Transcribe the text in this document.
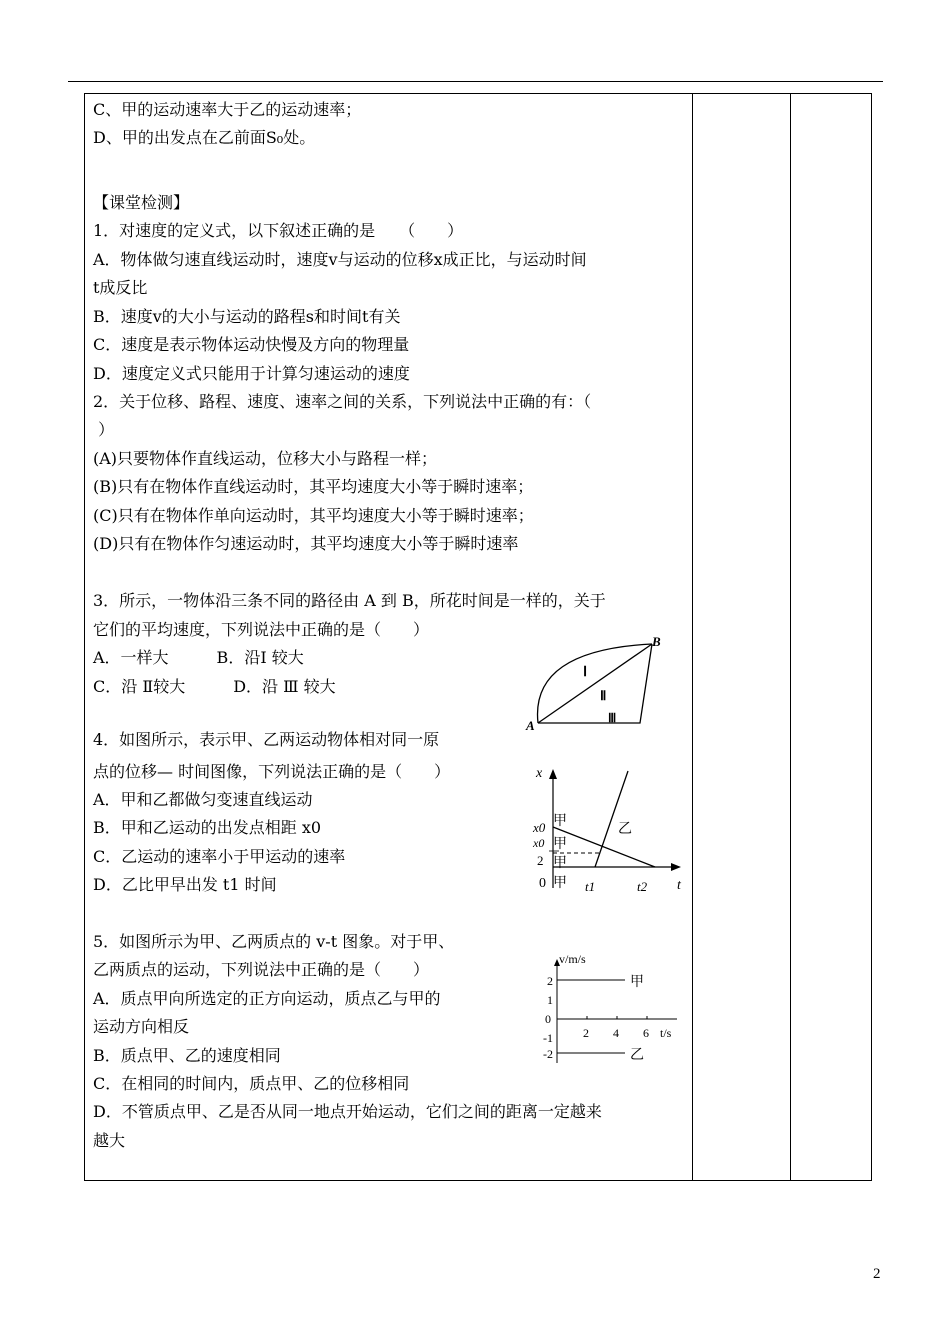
C、甲的运动速率大于乙的运动速率；
D、甲的出发点在乙前面S₀处。
【课堂检测】
1．对速度的定义式，以下叙述正确的是　　（　　）
A．物体做匀速直线运动时，速度v与运动的位移x成正比，与运动时间
t成反比
B．速度v的大小与运动的路程s和时间t有关
C．速度是表示物体运动快慢及方向的物理量
D．速度定义式只能用于计算匀速运动的速度
2．关于位移、路程、速度、速率之间的关系，下列说法中正确的有：（
）
(A)只要物体作直线运动，位移大小与路程一样；
(B)只有在物体作直线运动时，其平均速度大小等于瞬时速率；
(C)只有在物体作单向运动时，其平均速度大小等于瞬时速率；
(D)只有在物体作匀速运动时，其平均速度大小等于瞬时速率
3．所示，一物体沿三条不同的路径由 A 到 B，所花时间是一样的，关于
它们的平均速度，下列说法中正确的是（　　）
A．一样大　　　B．沿Ⅰ 较大
C．沿 Ⅱ较大　　　D．沿 Ⅲ 较大
4．如图所示，表示甲、乙两运动物体相对同一原
点的位移— 时间图像，下列说法正确的是（　　）
A．甲和乙都做匀变速直线运动
B．甲和乙运动的出发点相距 x0
C．乙运动的速率小于甲运动的速率
D．乙比甲早出发 t1 时间
5．如图所示为甲、乙两质点的 v-t 图象。对于甲、
乙两质点的运动，下列说法中正确的是（　　）
A．质点甲向所选定的正方向运动，质点乙与甲的
运动方向相反
B．质点甲、乙的速度相同
C．在相同的时间内，质点甲、乙的位移相同
D．不管质点甲、乙是否从同一地点开始运动，它们之间的距离一定越来
越大
A
B
Ⅰ
Ⅱ
Ⅲ
x
t
x0 甲
x0 甲
2 甲
0 甲
乙
t1	t2
v/m/s
t/s
2
1
0
-1
-2
2 4 6
甲
乙
2
